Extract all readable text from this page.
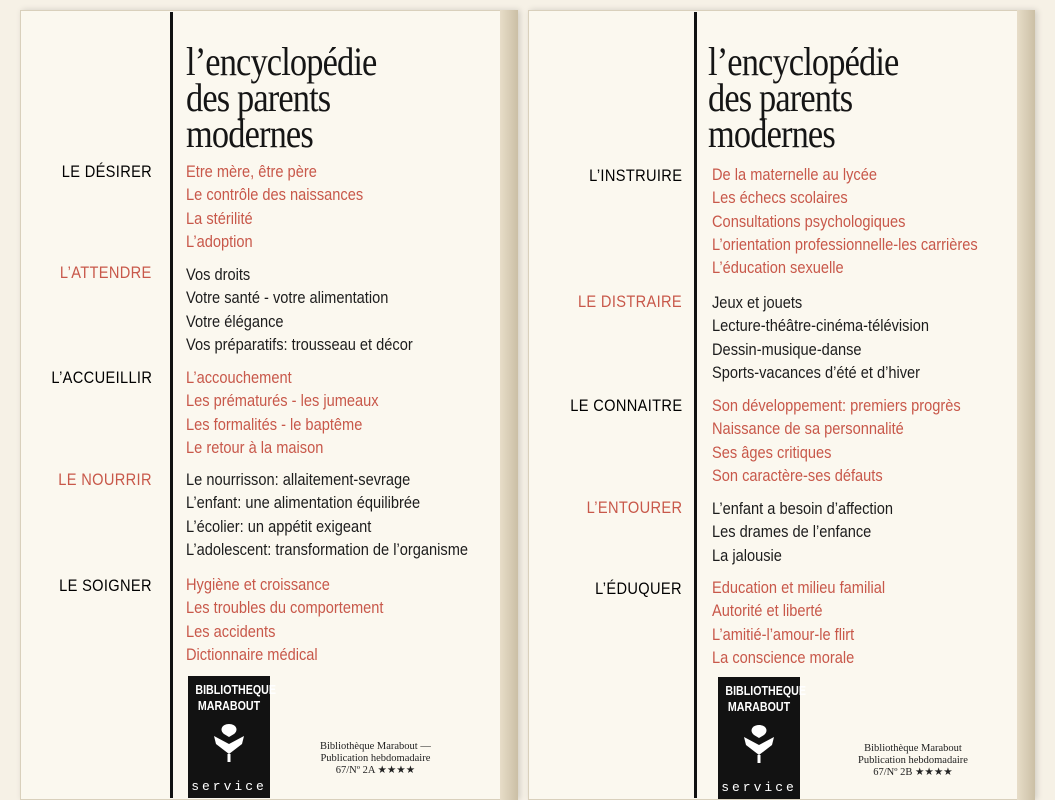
l’encyclopédie
des parents
modernes
LE DÉSIRER Etre mère, être père
Le contrôle des naissances
La stérilité
L’adoption
L’ATTENDRE Vos droits
Votre santé - votre alimentation
Votre élégance
Vos préparatifs: trousseau et décor
L’ACCUEILLIR L’accouchement
Les prématurés - les jumeaux
Les formalités - le baptême
Le retour à la maison
LE NOURRIR Le nourrisson: allaitement-sevrage
L’enfant: une alimentation équilibrée
L’écolier: un appétit exigeant
L’adolescent: transformation de l’organisme
LE SOIGNER Hygiène et croissance
Les troubles du comportement
Les accidents
Dictionnaire médical
BIBLIOTHEQUE
MARABOUT
service
Bibliothèque Marabout —
Publication hebdomadaire
67/Nº 2A ★★★★
l’encyclopédie
des parents
modernes
L’INSTRUIRE De la maternelle au lycée
Les échecs scolaires
Consultations psychologiques
L’orientation professionnelle-les carrières
L’éducation sexuelle
LE DISTRAIRE Jeux et jouets
Lecture-théâtre-cinéma-télévision
Dessin-musique-danse
Sports-vacances d’été et d’hiver
LE CONNAITRE Son développement: premiers progrès
Naissance de sa personnalité
Ses âges critiques
Son caractère-ses défauts
L’ENTOURER L’enfant a besoin d’affection
Les drames de l’enfance
La jalousie
L’ÉDUQUER Education et milieu familial
Autorité et liberté
L’amitié-l’amour-le flirt
La conscience morale
BIBLIOTHEQUE
MARABOUT
service
Bibliothèque Marabout
Publication hebdomadaire
67/Nº 2B ★★★★
